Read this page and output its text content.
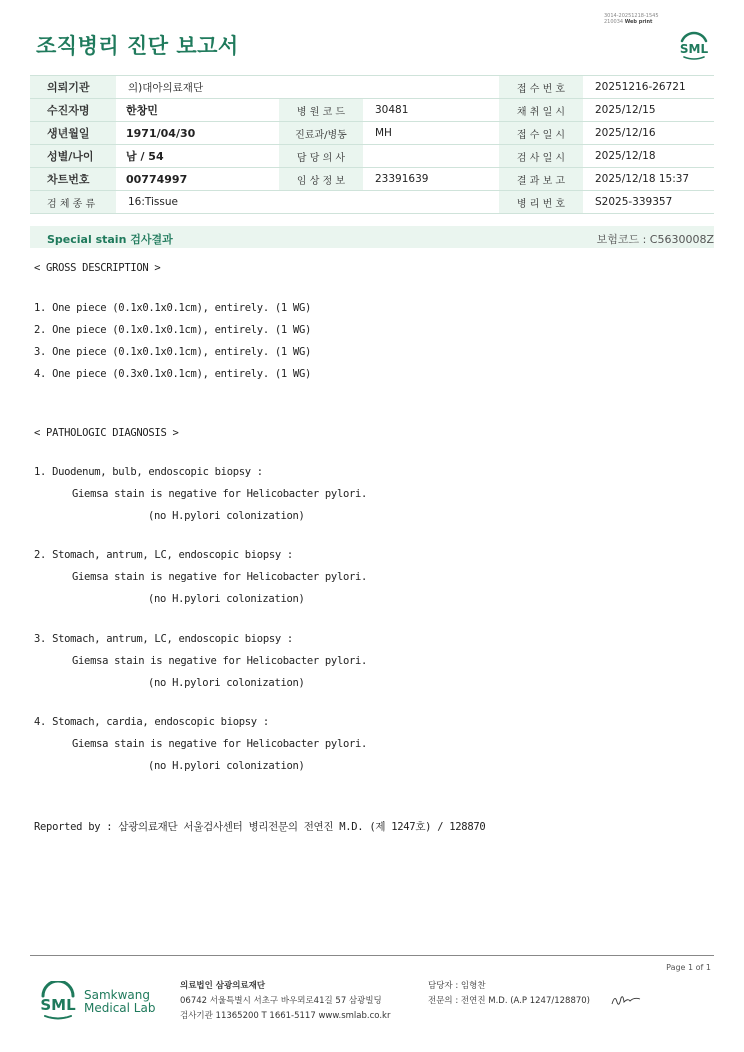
조직병리 진단 보고서
3014-20251218-1545
210034 Web print
SML
의뢰기관	의)대아의료재단			접 수 번 호	20251216-26721
수진자명	한창민	병 원 코 드	30481	채 취 일 시	2025/12/15
생년월일	1971/04/30	진료과/병동	MH	접 수 일 시	2025/12/16
성별/나이	남 / 54	담 당 의 사		검 사 일 시	2025/12/18
차트번호	00774997	임 상 정 보	23391639	결 과 보 고	2025/12/18 15:37
검 체 종 류	16:Tissue			병 리 번 호	S2025-339357
Special stain 검사결과	보험코드 : C5630008Z
< GROSS DESCRIPTION >
1. One piece (0.1x0.1x0.1cm), entirely. (1 WG)
2. One piece (0.1x0.1x0.1cm), entirely. (1 WG)
3. One piece (0.1x0.1x0.1cm), entirely. (1 WG)
4. One piece (0.3x0.1x0.1cm), entirely. (1 WG)
< PATHOLOGIC DIAGNOSIS >
1. Duodenum, bulb, endoscopic biopsy :
Giemsa stain is negative for Helicobacter pylori.
(no H.pylori colonization)
2. Stomach, antrum, LC, endoscopic biopsy :
Giemsa stain is negative for Helicobacter pylori.
(no H.pylori colonization)
3. Stomach, antrum, LC, endoscopic biopsy :
Giemsa stain is negative for Helicobacter pylori.
(no H.pylori colonization)
4. Stomach, cardia, endoscopic biopsy :
Giemsa stain is negative for Helicobacter pylori.
(no H.pylori colonization)
Reported by : 삼광의료재단 서울검사센터 병리전문의 전연진 M.D. (제 1247호) / 128870
Page 1 of 1
SML
Samkwang
Medical Lab
의료법인 삼광의료재단
06742 서울특별시 서초구 바우뫼로41길 57 삼광빌딩
검사기관 11365200 T 1661-5117 www.smlab.co.kr
담당자 : 임형찬
전문의 : 전연진 M.D. (A.P 1247/128870)
